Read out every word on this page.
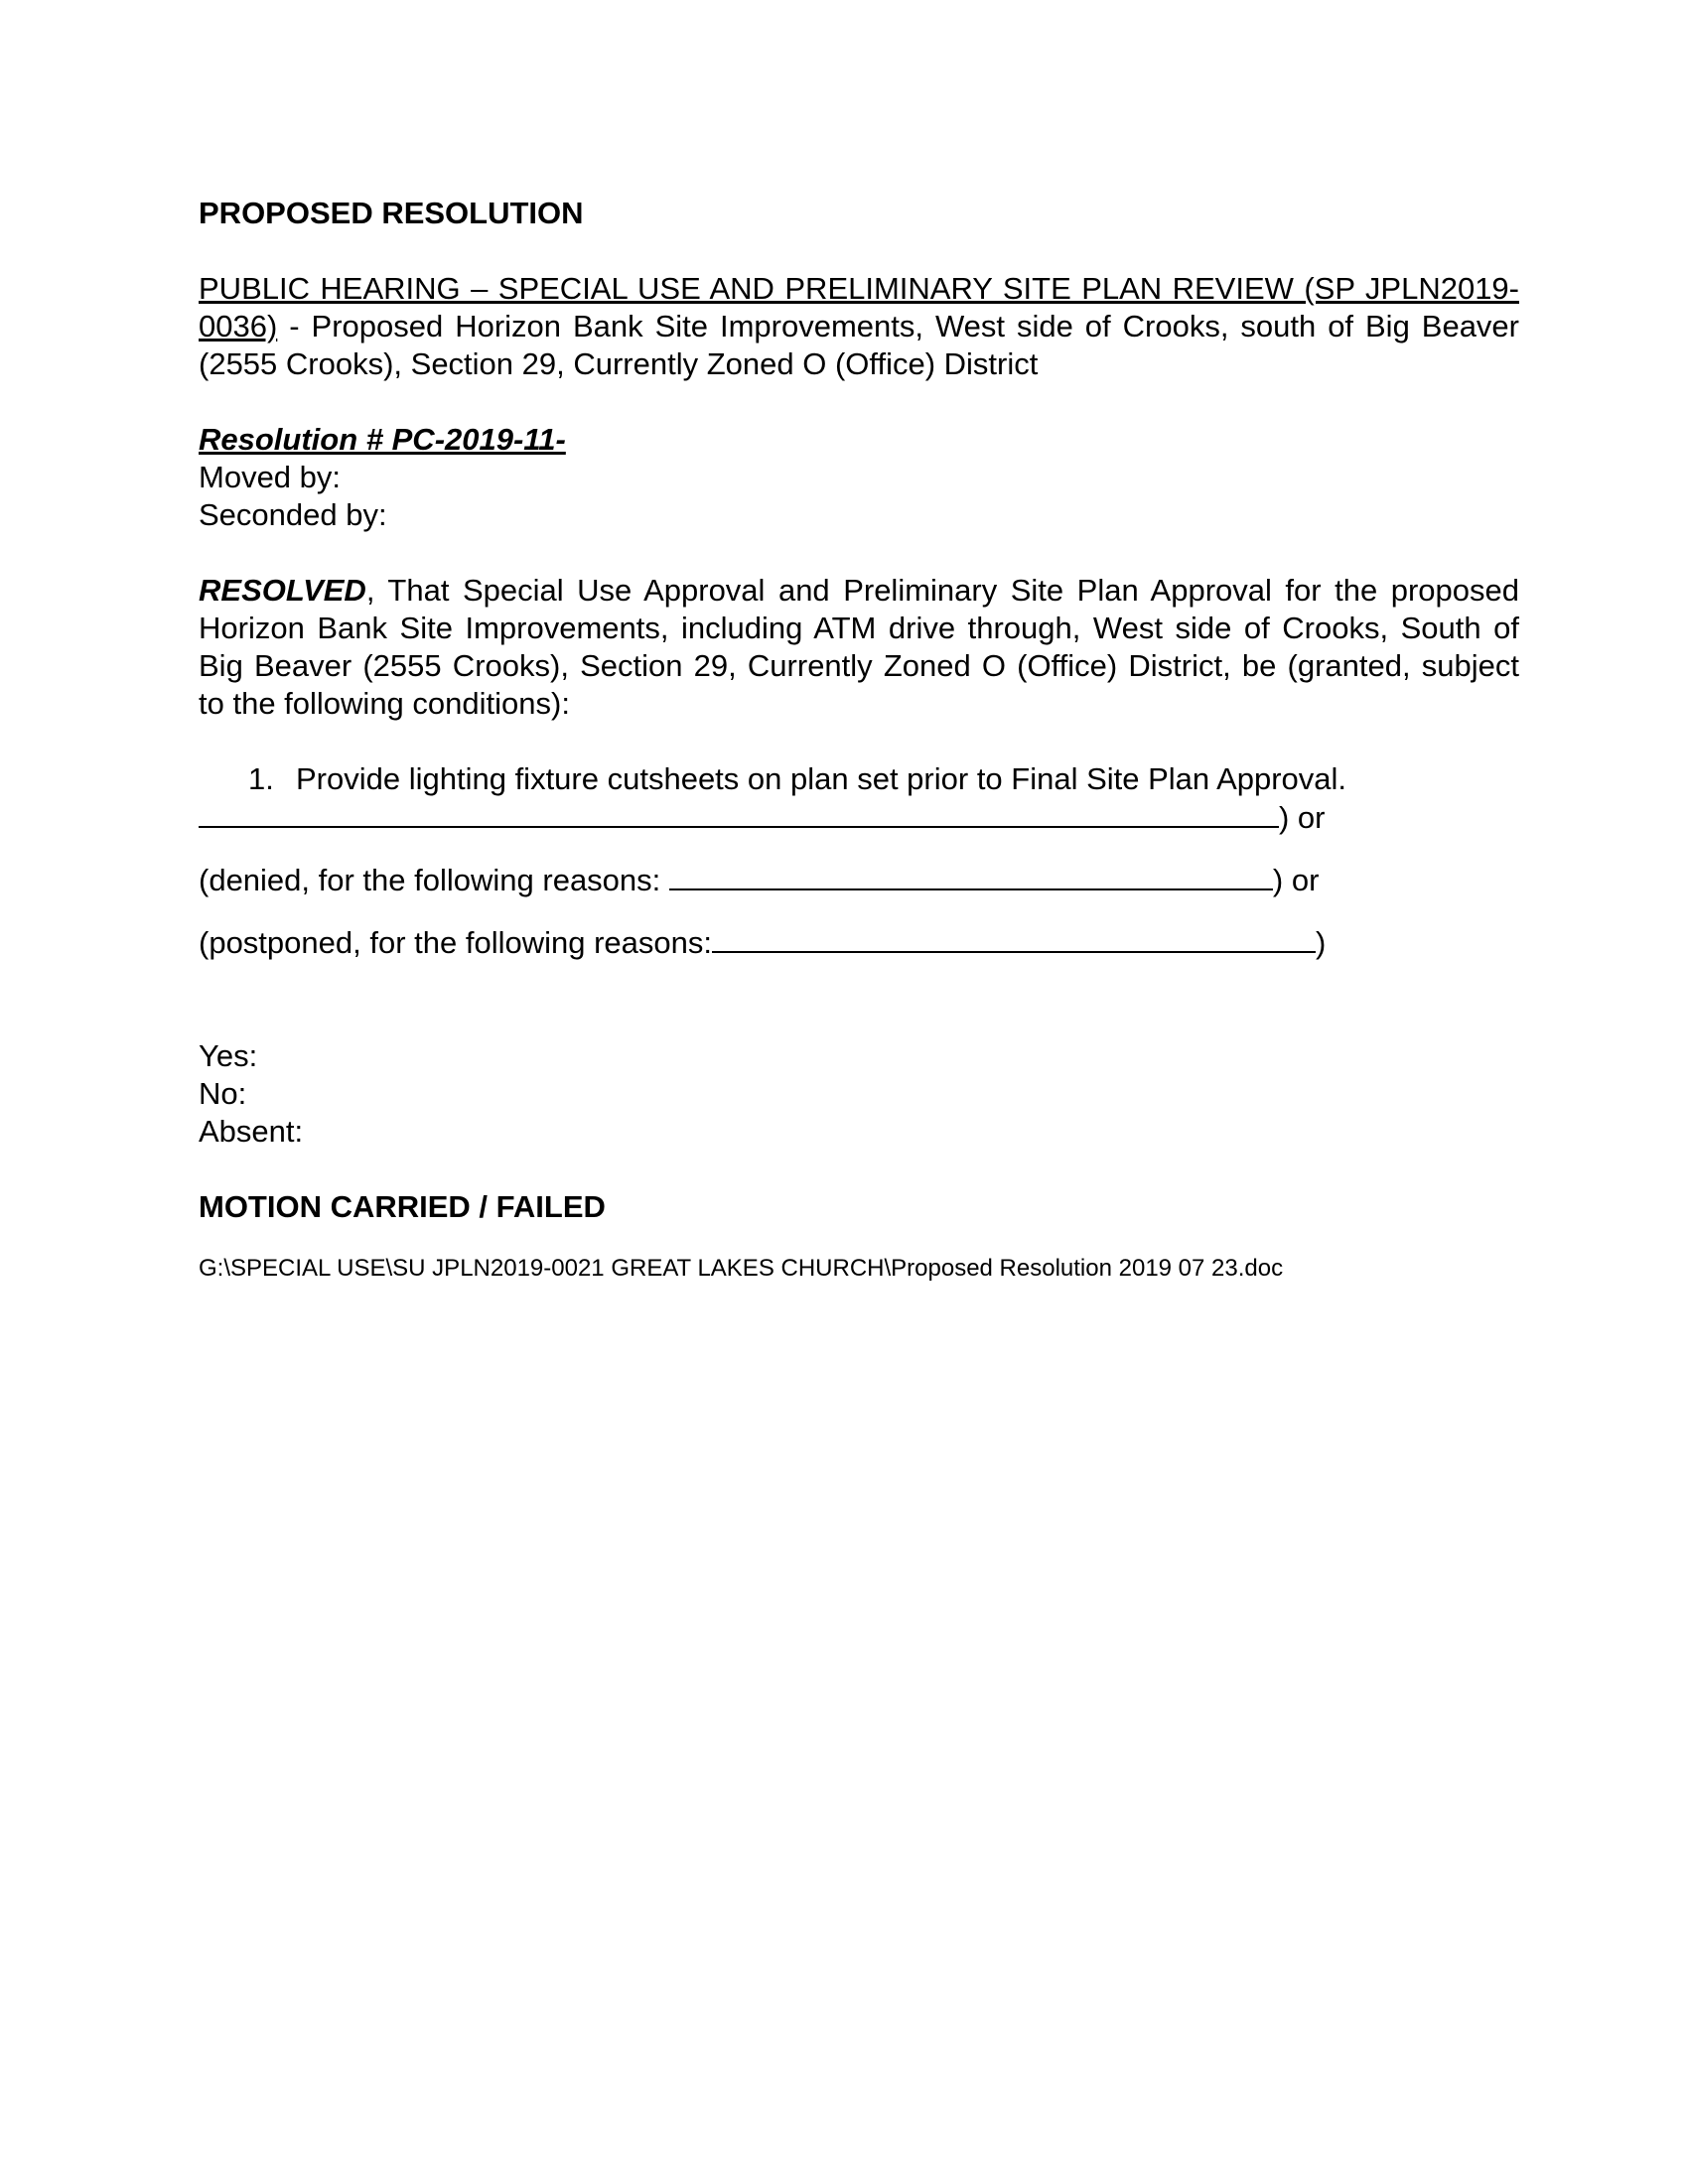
PROPOSED RESOLUTION

PUBLIC HEARING – SPECIAL USE AND PRELIMINARY SITE PLAN REVIEW (SP JPLN2019-0036) - Proposed Horizon Bank Site Improvements, West side of Crooks, south of Big Beaver (2555 Crooks), Section 29, Currently Zoned O (Office) District

Resolution # PC-2019-11-

Moved by:

Seconded by:

RESOLVED, That Special Use Approval and Preliminary Site Plan Approval for the proposed Horizon Bank Site Improvements, including ATM drive through, West side of Crooks, South of Big Beaver (2555 Crooks), Section 29, Currently Zoned O (Office) District, be (granted, subject to the following conditions):

1. Provide lighting fixture cutsheets on plan set prior to Final Site Plan Approval.

) or

(denied, for the following reasons:	) or

(postponed, for the following reasons:	)

Yes:

No:

Absent:

MOTION CARRIED / FAILED

G:\SPECIAL USE\SU JPLN2019-0021 GREAT LAKES CHURCH\Proposed Resolution 2019 07 23.doc
